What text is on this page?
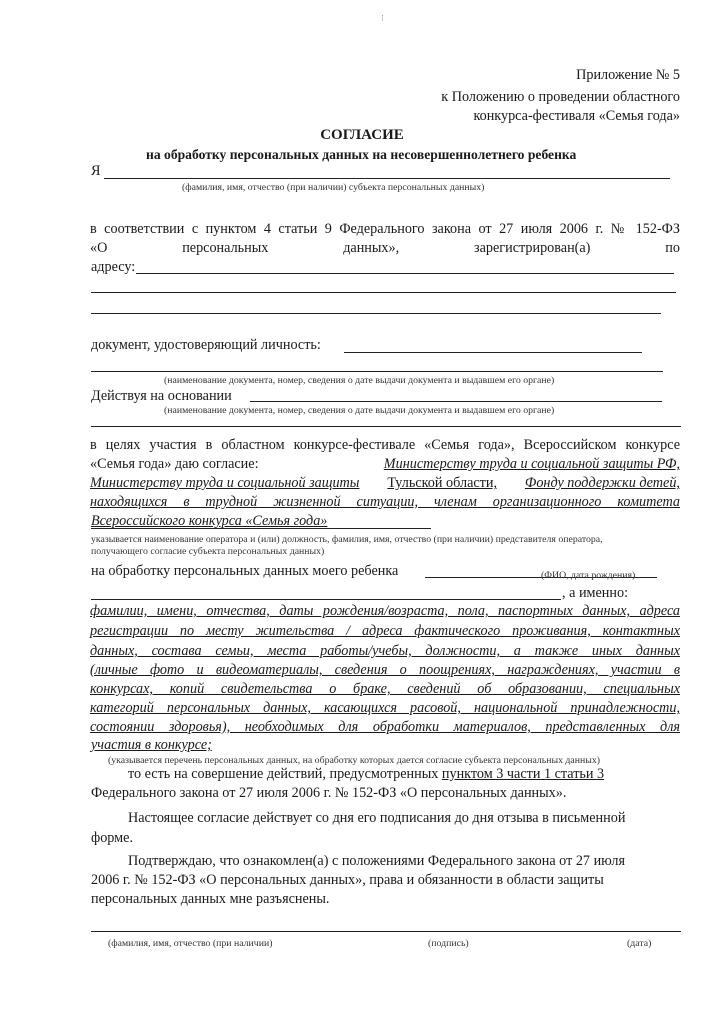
⁝
Приложение № 5
к Положению о проведении областного
конкурса-фестиваля «Семья года»
СОГЛАСИЕ
на обработку персональных данных на несовершеннолетнего ребенка
Я
(фамилия, имя, отчество (при наличии) субъекта персональных данных)
в соответствии с пунктом 4 статьи 9 Федерального закона от 27 июля 2006 г. № 152-ФЗ
«О	персональных	данных»,	зарегистрирован(а)	по
адресу:
документ, удостоверяющий личность:
(наименование документа, номер, сведения о дате выдачи документа и выдавшем его органе)
Действуя на основании
(наименование документа, номер, сведения о дате выдачи документа и выдавшем его органе)
в целях участия в областном конкурсе-фестивале «Семья года», Всероссийском конкурсе
«Семья года» даю согласие:	Министерству труда и социальной защиты РФ,
Министерству труда и социальной защиты Тульской области, Фонду поддержки детей,
находящихся в трудной жизненной ситуации, членам организационного комитета
Всероссийского конкурса «Семья года»
указывается наименование оператора и (или) должность, фамилия, имя, отчество (при наличии) представителя оператора,
получающего согласие субъекта персональных данных)
на обработку персональных данных моего ребенка	(ФИО, дата рождения)
, а именно:
фамилии, имени, отчества, даты рождения/возраста, пола, паспортных данных, адреса
регистрации по месту жительства / адреса фактического проживания, контактных
данных, состава семьи, места работы/учебы, должности, а также иных данных
(личные фото и видеоматериалы, сведения о поощрениях, награждениях, участии в
конкурсах, копий свидетельства о браке, сведений об образовании, специальных
категорий персональных данных, касающихся расовой, национальной принадлежности,
состоянии здоровья), необходимых для обработки материалов, представленных для
участия в конкурсе;
(указывается перечень персональных данных, на обработку которых дается согласие субъекта персональных данных)
то есть на совершение действий, предусмотренных пунктом 3 части 1 статьи 3
Федерального закона от 27 июля 2006 г. № 152-ФЗ «О персональных данных».
Настоящее согласие действует со дня его подписания до дня отзыва в письменной
форме.
Подтверждаю, что ознакомлен(а) с положениями Федерального закона от 27 июля
2006 г. № 152-ФЗ «О персональных данных», права и обязанности в области защиты
персональных данных мне разъяснены.
(фамилия, имя, отчество (при наличии)	(подпись)	(дата)
